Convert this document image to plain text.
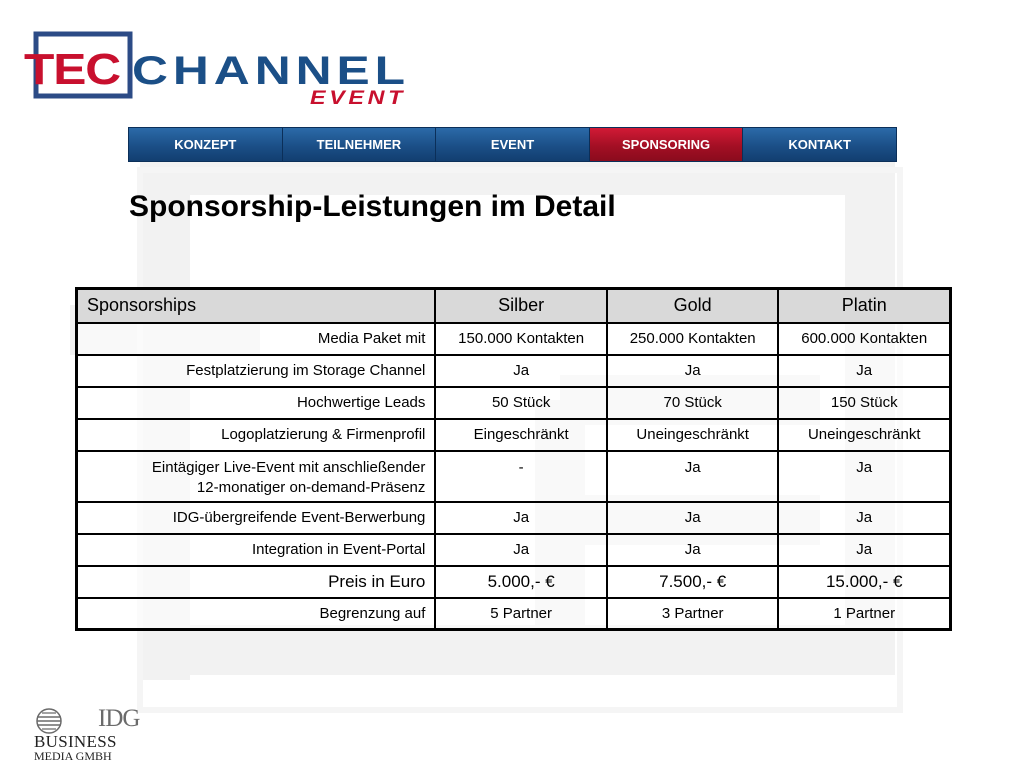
TEC CHANNEL
EVENT
KONZEPT	TEILNEHMER	EVENT	SPONSORING	KONTAKT
Sponsorship-Leistungen im Detail
Sponsorships	Silber	Gold	Platin
Media Paket mit	150.000 Kontakten	250.000 Kontakten	600.000 Kontakten
Festplatzierung im Storage Channel	Ja	Ja	Ja
Hochwertige Leads	50 Stück	70 Stück	150 Stück
Logoplatzierung & Firmenprofil	Eingeschränkt	Uneingeschränkt	Uneingeschränkt
Eintägiger Live-Event mit anschließender
12-monatiger on-demand-Präsenz	-	Ja	Ja
IDG-übergreifende Event-Berwerbung	Ja	Ja	Ja
Integration in Event-Portal	Ja	Ja	Ja
Preis in Euro	5.000,- €	7.500,- €	15.000,- €
Begrenzung auf	5 Partner	3 Partner	1 Partner
IDG
BUSINESS
MEDIA GMBH
